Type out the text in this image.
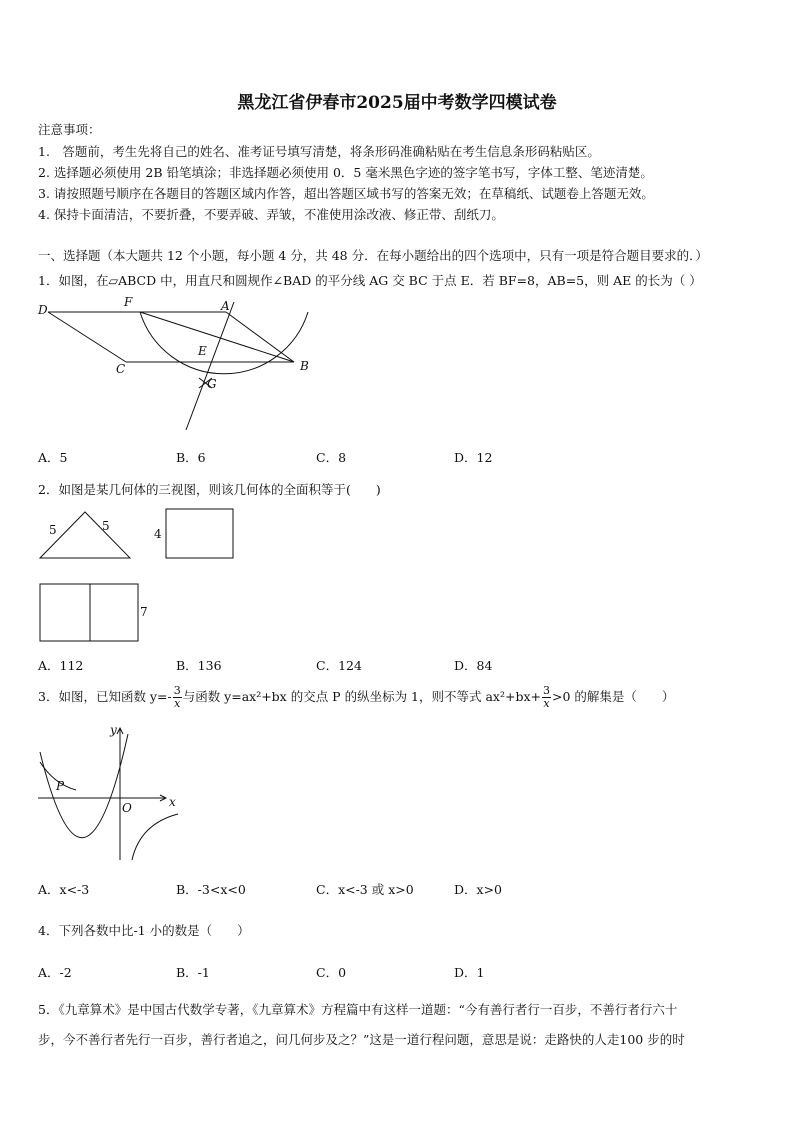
黑龙江省伊春市2025届中考数学四模试卷
注意事项：
1.　答题前，考生先将自己的姓名、准考证号填写清楚，将条形码准确粘贴在考生信息条形码粘贴区。
2. 选择题必须使用 2B 铅笔填涂；非选择题必须使用 0．5 毫米黑色字迹的签字笔书写，字体工整、笔迹清楚。
3. 请按照题号顺序在各题目的答题区域内作答，超出答题区域书写的答案无效；在草稿纸、试题卷上答题无效。
4. 保持卡面清洁，不要折叠，不要弄破、弄皱，不准使用涂改液、修正带、刮纸刀。
一、选择题（本大题共 12 个小题，每小题 4 分，共 48 分．在每小题给出的四个选项中，只有一项是符合题目要求的．）
1．如图，在▱ABCD 中，用直尺和圆规作∠BAD 的平分线 AG 交 BC 于点 E．若 BF=8，AB=5，则 AE 的长为（ ）
D
F	A
E
C	B
G
A．5	B．6	C．8	D．12
2．如图是某几何体的三视图，则该几何体的全面积等于(　　)
5	5
4
7
A．112	B．136	C．124	D．84
3．如图，已知函数 $y=- \frac{3}{x}$ 与函数 y=ax²+bx 的交点 P 的纵坐标为 1，则不等式 $ax^2+bx+ \frac{3}{x} >0$ 的解集是（　　）
y
x
P
O
A．x<-3	B．-3<x<0	C．x<-3 或 x>0	D．x>0
4．下列各数中比-1 小的数是（　　）
A．-2	B．-1	C．0	D．1
5．《九章算术》是中国古代数学专著，《九章算术》方程篇中有这样一道题：“今有善行者行一百步，不善行者行六十
步，今不善行者先行一百步，善行者追之，问几何步及之？”这是一道行程问题，意思是说：走路快的人走100 步的时
